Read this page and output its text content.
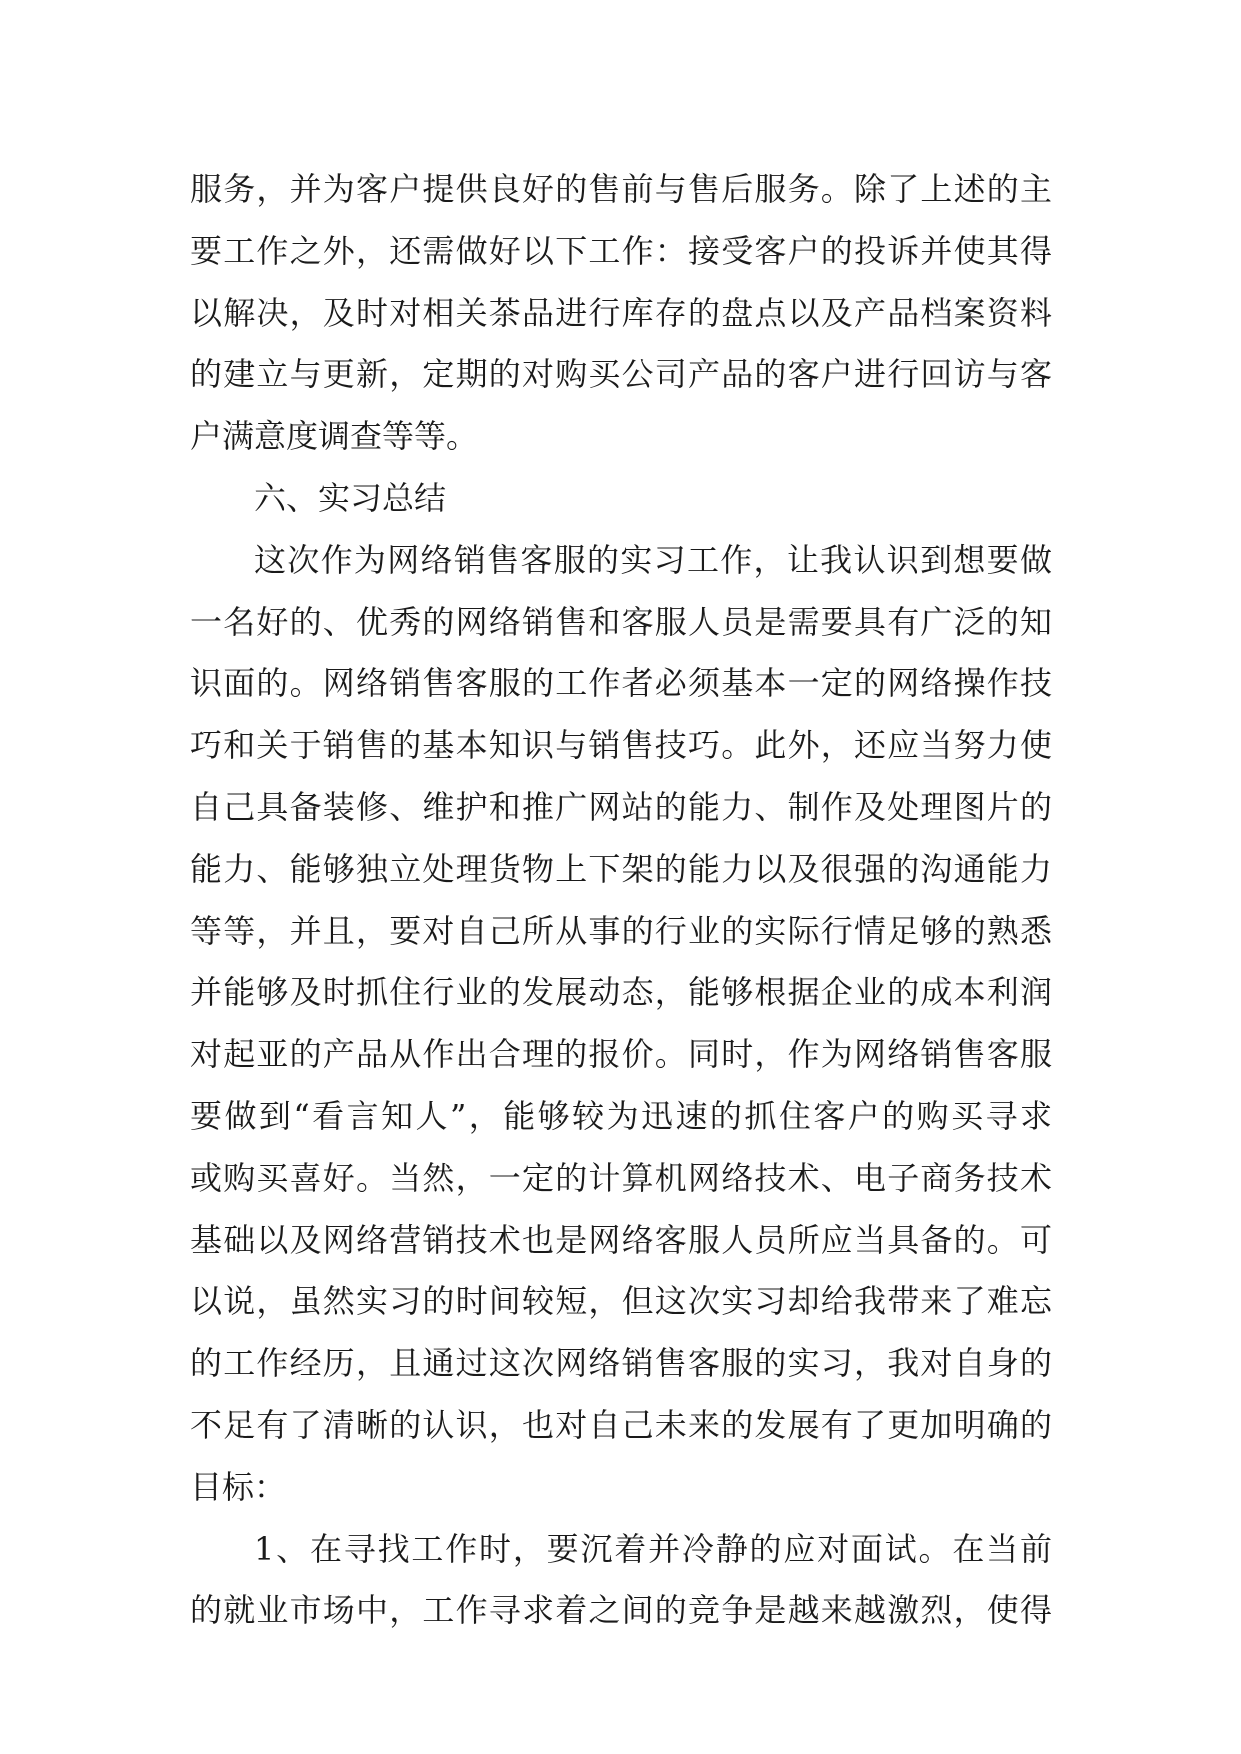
服务，并为客户提供良好的售前与售后服务。除了上述的主
要工作之外，还需做好以下工作：接受客户的投诉并使其得
以解决，及时对相关茶品进行库存的盘点以及产品档案资料
的建立与更新，定期的对购买公司产品的客户进行回访与客
户满意度调查等等。
六、实习总结
这次作为网络销售客服的实习工作，让我认识到想要做
一名好的、优秀的网络销售和客服人员是需要具有广泛的知
识面的。网络销售客服的工作者必须基本一定的网络操作技
巧和关于销售的基本知识与销售技巧。此外，还应当努力使
自己具备装修、维护和推广网站的能力、制作及处理图片的
能力、能够独立处理货物上下架的能力以及很强的沟通能力
等等，并且，要对自己所从事的行业的实际行情足够的熟悉
并能够及时抓住行业的发展动态，能够根据企业的成本利润
对起亚的产品从作出合理的报价。同时，作为网络销售客服
要做到“看言知人”，能够较为迅速的抓住客户的购买寻求
或购买喜好。当然，一定的计算机网络技术、电子商务技术
基础以及网络营销技术也是网络客服人员所应当具备的。可
以说，虽然实习的时间较短，但这次实习却给我带来了难忘
的工作经历，且通过这次网络销售客服的实习，我对自身的
不足有了清晰的认识，也对自己未来的发展有了更加明确的
目标：
1、在寻找工作时，要沉着并冷静的应对面试。在当前
的就业市场中，工作寻求着之间的竞争是越来越激烈，使得
